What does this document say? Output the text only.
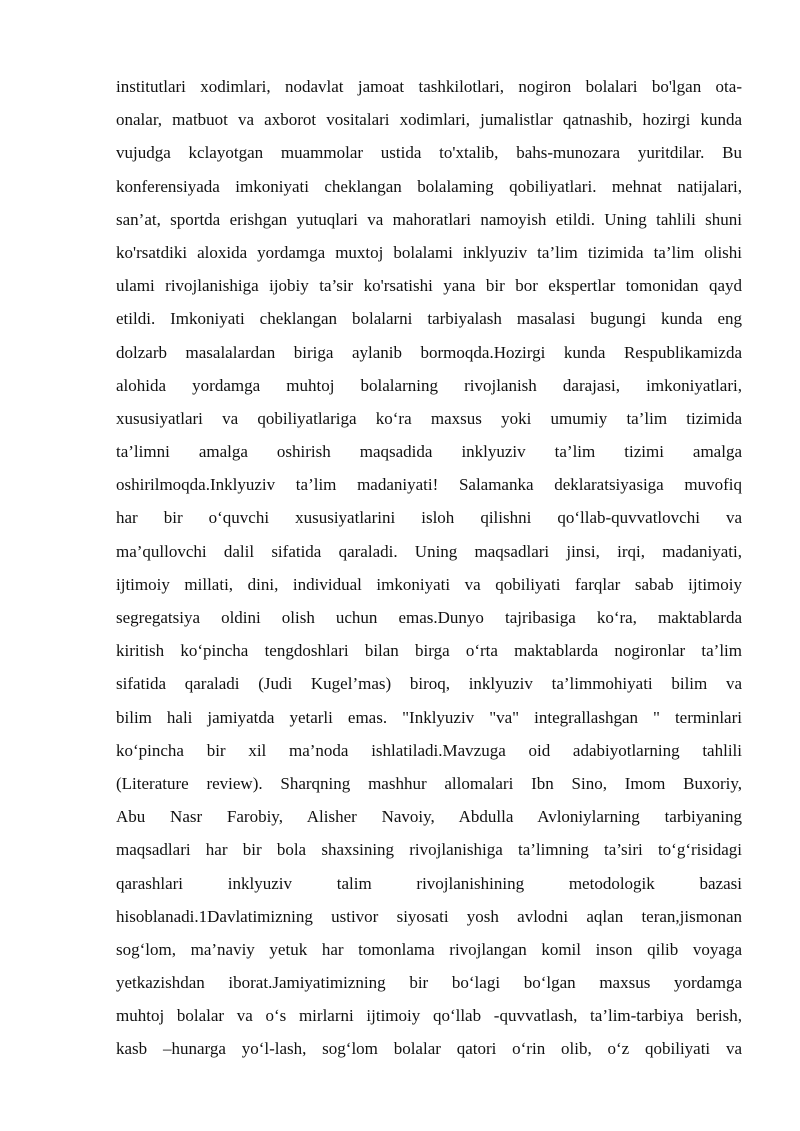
institutlari xodimlari, nodavlat jamoat tashkilotlari, nogiron bolalari bo'lgan ota-
onalar, matbuot va axborot vositalari xodimlari, jumalistlar qatnashib, hozirgi kunda
vujudga kclayotgan muammolar ustida to'xtalib, bahs-munozara yuritdilar. Bu
konferensiyada imkoniyati cheklangan bolalaming qobiliyatlari. mehnat natijalari,
san’at, sportda erishgan yutuqlari va mahoratlari namoyish etildi. Uning tahlili shuni
ko'rsatdiki aloxida yordamga muxtoj bolalami inklyuziv ta’lim tizimida ta’lim olishi
ulami rivojlanishiga ijobiy ta’sir ko'rsatishi yana bir bor ekspertlar tomonidan qayd
etildi. Imkoniyati cheklangan bolalarni tarbiyalash masalasi bugungi kunda eng
dolzarb masalalardan biriga aylanib bormoqda.Hozirgi kunda Respublikamizda
alohida yordamga muhtoj bolalarning rivojlanish darajasi, imkoniyatlari,
xususiyatlari va qobiliyatlariga ko‘ra maxsus yoki umumiy ta’lim tizimida
ta’limni amalga oshirish maqsadida inklyuziv ta’lim tizimi amalga
oshirilmoqda.Inklyuziv ta’lim madaniyati! Salamanka deklaratsiyasiga muvofiq
har bir o‘quvchi xususiyatlarini isloh qilishni qo‘llab-quvvatlovchi va
ma’qullovchi dalil sifatida qaraladi. Uning maqsadlari jinsi, irqi, madaniyati,
ijtimoiy millati, dini, individual imkoniyati va qobiliyati farqlar sabab ijtimoiy
segregatsiya oldini olish uchun emas.Dunyo tajribasiga ko‘ra, maktablarda
kiritish ko‘pincha tengdoshlari bilan birga o‘rta maktablarda nogironlar ta’lim
sifatida qaraladi (Judi Kugel’mas) biroq, inklyuziv ta’limmohiyati bilim va
bilim hali jamiyatda yetarli emas. "Inklyuziv "va" integrallashgan " terminlari
ko‘pincha bir xil ma’noda ishlatiladi.Mavzuga oid adabiyotlarning tahlili
(Literature review). Sharqning mashhur allomalari Ibn Sino, Imom Buxoriy,
Abu Nasr Farobiy, Alisher Navoiy, Abdulla Avloniylarning tarbiyaning
maqsadlari har bir bola shaxsining rivojlanishiga ta’limning ta’siri to‘g‘risidagi
qarashlari inklyuziv talim rivojlanishining metodologik bazasi
hisoblanadi.1Davlatimizning ustivor siyosati yosh avlodni aqlan teran,jismonan
sog‘lom, ma’naviy yetuk har tomonlama rivojlangan komil inson qilib voyaga
yetkazishdan iborat.Jamiyatimizning bir bo‘lagi bo‘lgan maxsus yordamga
muhtoj bolalar va o‘s mirlarni ijtimoiy qo‘llab -quvvatlash, ta’lim-tarbiya berish,
kasb –hunarga yo‘l-lash, sog‘lom bolalar qatori o‘rin olib, o‘z qobiliyati va
